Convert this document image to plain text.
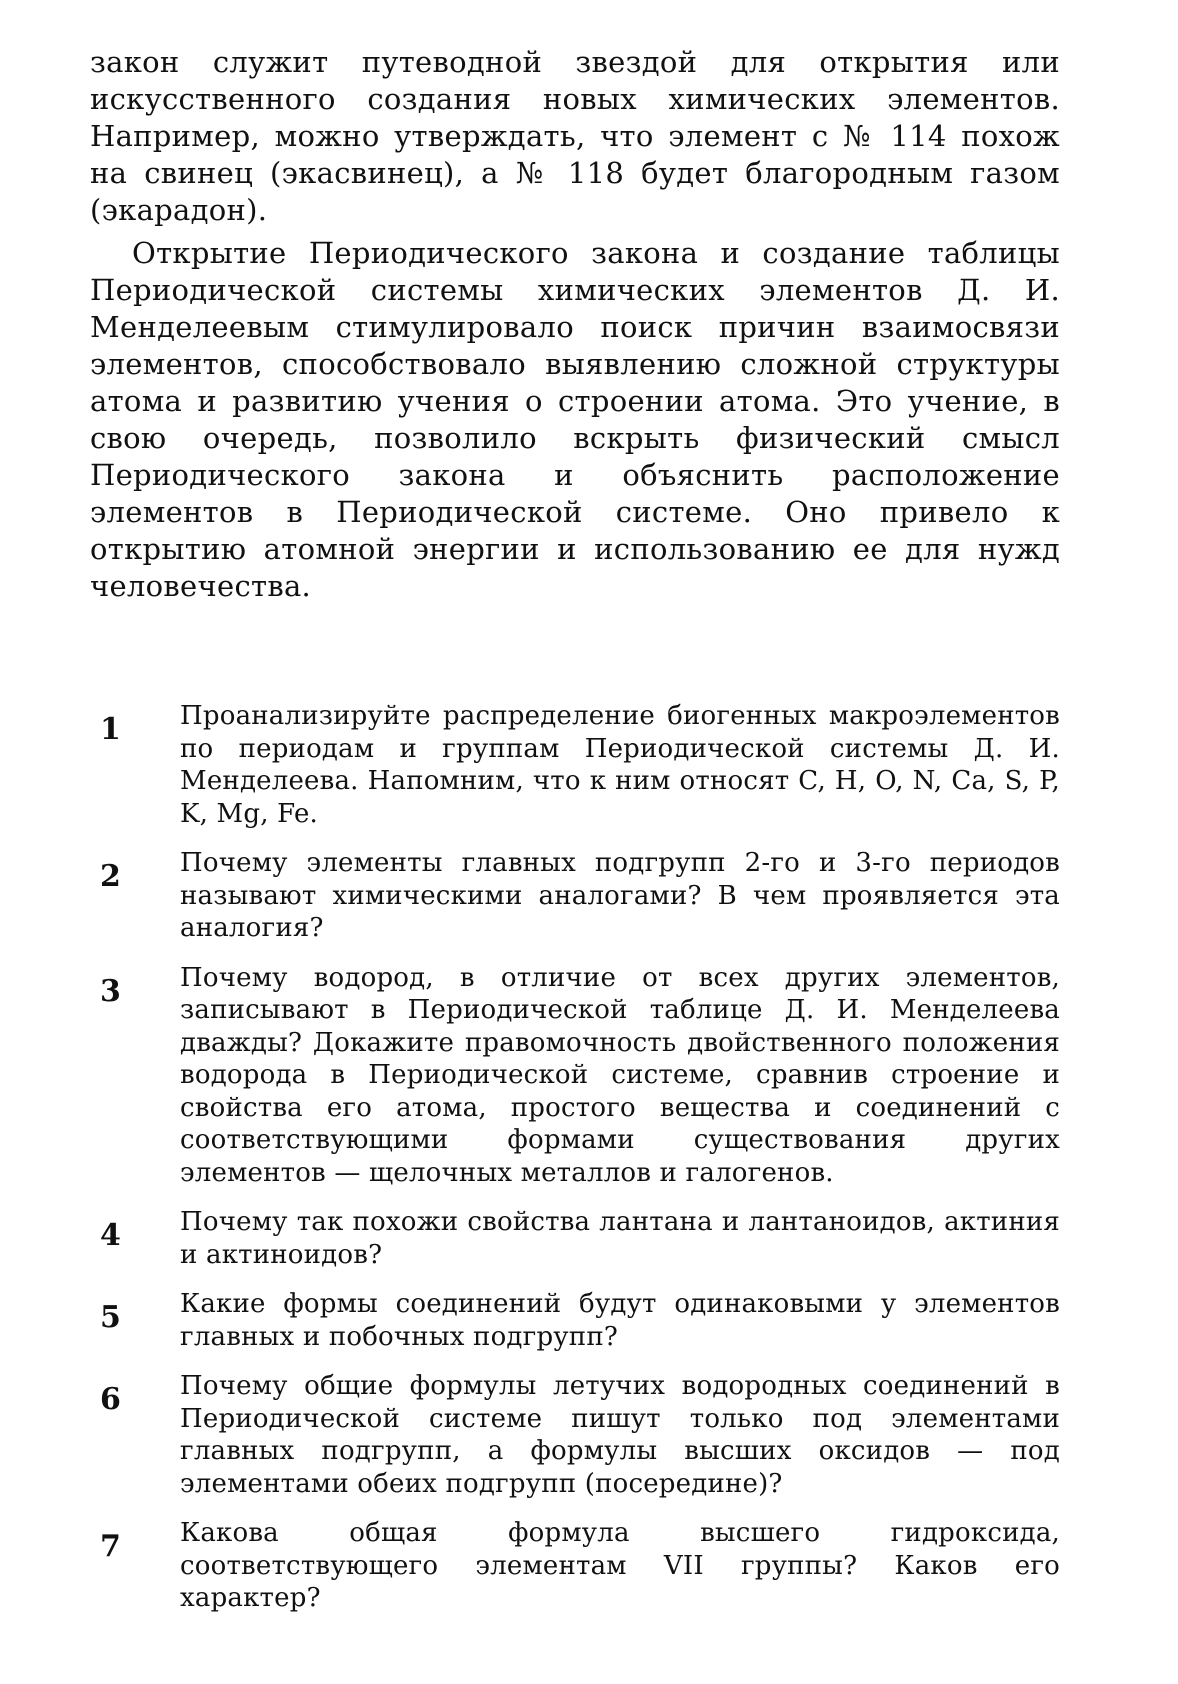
закон служит путеводной звездой для открытия или искусственного создания новых химических элементов. Например, можно утверждать, что элемент с № 114 похож на свинец (экасвинец), а № 118 будет благородным газом (экарадон).

Открытие Периодического закона и создание таблицы Периодической системы химических элементов Д. И. Менделеевым стимулировало поиск причин взаимосвязи элементов, способствовало выявлению сложной структуры атома и развитию учения о строении атома. Это учение, в свою очередь, позволило вскрыть физический смысл Периодического закона и объяснить расположение элементов в Периодической системе. Оно привело к открытию атомной энергии и использованию ее для нужд человечества.

1	Проанализируйте распределение биогенных макроэлементов по периодам и группам Периодической системы Д. И. Менделеева. Напомним, что к ним относят C, H, O, N, Ca, S, P, K, Mg, Fe.
2	Почему элементы главных подгрупп 2-го и 3-го периодов называют химическими аналогами? В чем проявляется эта аналогия?
3	Почему водород, в отличие от всех других элементов, записывают в Периодической таблице Д. И. Менделеева дважды? Докажите правомочность двойственного положения водорода в Периодической системе, сравнив строение и свойства его атома, простого вещества и соединений с соответствующими формами существования других элементов — щелочных металлов и галогенов.
4	Почему так похожи свойства лантана и лантаноидов, актиния и актиноидов?
5	Какие формы соединений будут одинаковыми у элементов главных и побочных подгрупп?
6	Почему общие формулы летучих водородных соединений в Периодической системе пишут только под элементами главных подгрупп, а формулы высших оксидов — под элементами обеих подгрупп (посередине)?
7	Какова общая формула высшего гидроксида, соответствующего элементам VII группы? Каков его характер?
